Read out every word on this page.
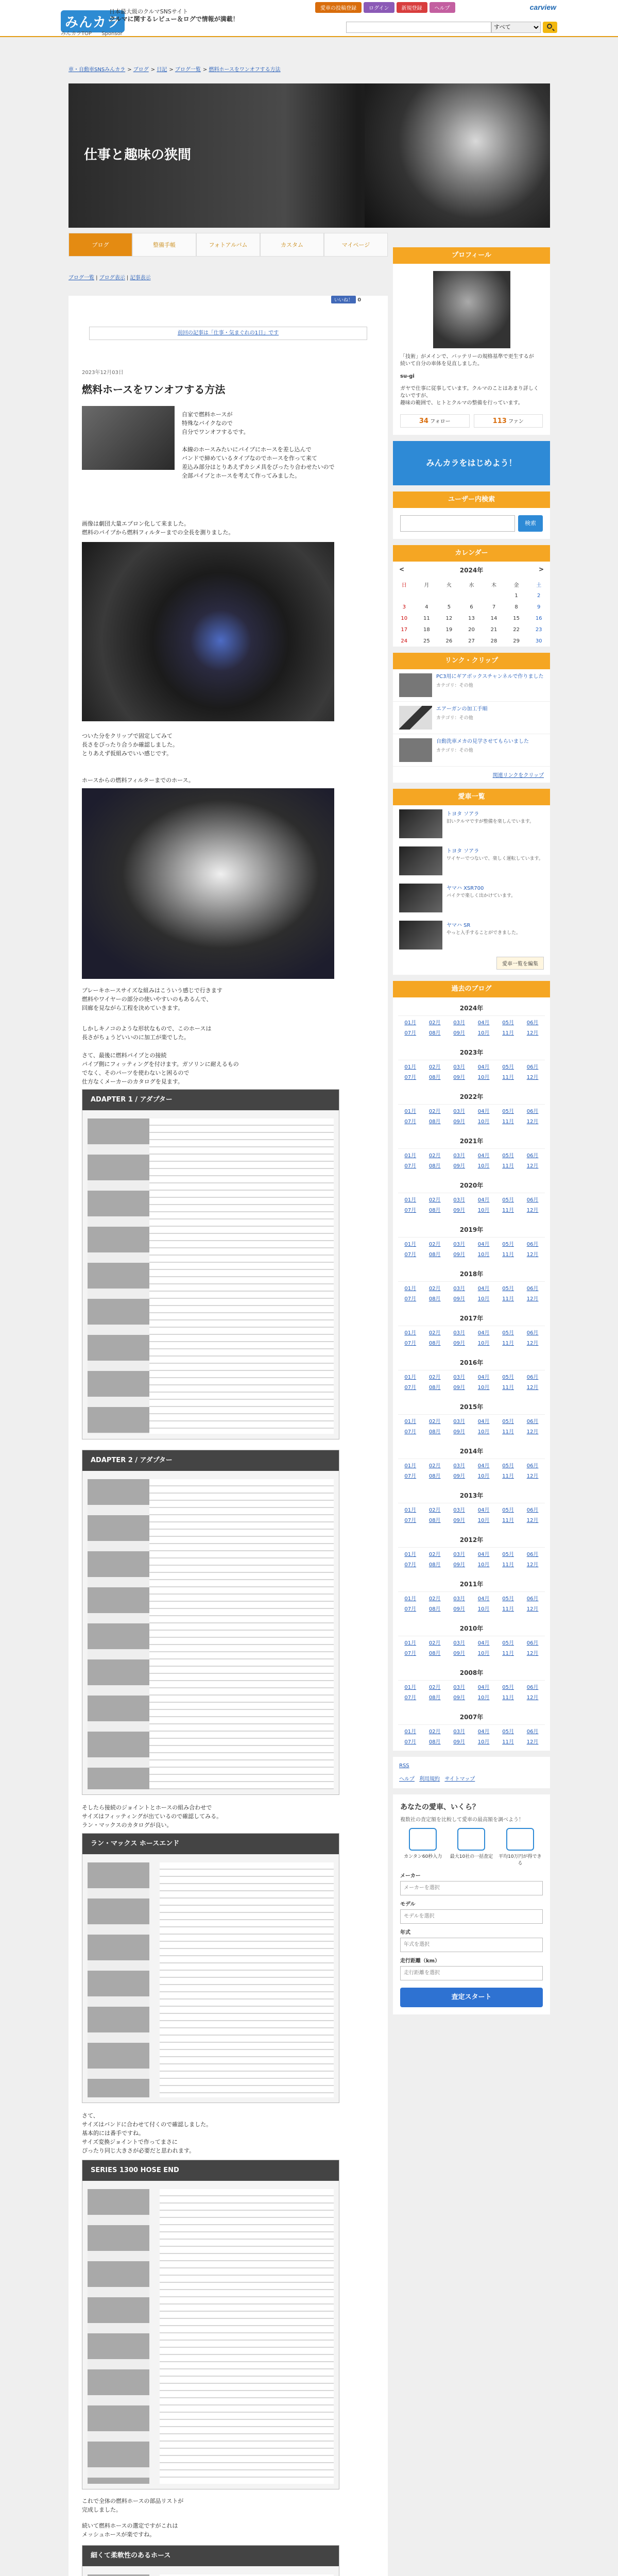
みんカラ
日本最大級のクルマSNSサイト
クルマに関するレビュー＆ログで情報が満載！
みんカラTOP Sponsor
愛車の投稿登録	ログイン	新規登録	ヘルプ	carview
すべて
車・自動車SNSみんカラ > ブログ > 日記 > ブログ一覧 > 燃料ホースをワンオフする方法
仕事と趣味の狭間
ブログ	整備手帳	フォトアルバム	カスタム	マイページ
ブログ一覧 | ブログ表示 | 記事表示
いいね！ 0
前回の記事は「仕事・気まぐれの1日」です
2023年12月03日
燃料ホースをワンオフする方法
自家で燃料ホースが
特殊なバイクなので
自分でワンオフするです。
本線のホースみたいにパイプにホースを差し込んで
バンドで締めているタイプなのでホースを作って来て
差込み部分はとりあえずカシメ具をぴったり合わせたいので
全部パイプとホースを考えて作ってみました。
画像は劇団大量エプロン化して来ました。
燃料のパイプから燃料フィルターまでの全長を測りました。
ついた分をクリップで固定してみて
長さをぴったり合うか確認しました。
とりあえず仮組みでいい感じです。
ホースからの燃料フィルターまでのホース。
プレーキホースサイズな組みはこういう感じで行きます
燃料やワイヤーの部分の使いやすいのもあるんで、
回廊を見ながら工程を決めていきます。
しかしキノコのような形状なもので、このホースは
長さがちょうどいいのに加工が楽でした。
さて、最後に燃料パイプとの接続
パイプ側にフィッティングを付けます。ガソリンに耐えるもの
でなく、そのパーツを使わないと困るので
仕方なくメーカーのカタログを見ます。
ADAPTER 1 / アダプター
ADAPTER 2 / アダプター
そしたら接続のジョイントとホースの組み合わせで
サイズはフィッティングが出ているので確認してみる。
ラン・マックスのカタログが良い。
ラン・マックス ホースエンド
さて、
サイズはバンドに合わせて付くので確認しました。
基本的には番手ですね。
サイズ変換ジョイントで作ってまさに
ぴったり同じ大きさが必要だと思われます。
SERIES 1300 HOSE END
これで全体の燃料ホースの部品リストが
完成しました。
続いて燃料ホースの選定ですがこれは
メッシュホースが楽ですね。
細くて柔軟性のあるホース
プロフィール
「技術」がメインで、バッテリーの規格基準で更生するが
続いて自分の車体を見直しました。
su-gi
ガヤで仕事に従事しています。クルマのことはあまり詳しくないですが、
趣味の範囲で、ヒトとクルマの整備を行っています。
34 フォロー	113 ファン
みんカラをはじめよう！
ユーザー内検索
検索
カレンダー
<	2024年	>
日	月	火	水	木	金	土
					1	2
3	4	5	6	7	8	9
10	11	12	13	14	15	16
17	18	19	20	21	22	23
24	25	26	27	28	29	30
リンク・クリップ
PC3用にギアボックスチャンネルで作りました
カテゴリ：その他
エアーガンの加工手順
カテゴリ：その他
自動洗車メカの見学させてもらいました
カテゴリ：その他
関連リンクをクリップ
愛車一覧
トヨタ ソアラ
旧いクルマですが整備を楽しんでいます。
トヨタ ソアラ
ワイヤーでつないで、楽しく運転しています。
ヤマハ XSR700
バイクで楽しく出かけています。
ヤマハ SR
やっと入手することができました。
愛車一覧を編集
過去のブログ
2024年
01月	02月	03月	04月	05月	06月
07月	08月	09月	10月	11月	12月
2023年
01月	02月	03月	04月	05月	06月
07月	08月	09月	10月	11月	12月
2022年
01月	02月	03月	04月	05月	06月
07月	08月	09月	10月	11月	12月
2021年
01月	02月	03月	04月	05月	06月
07月	08月	09月	10月	11月	12月
2020年
01月	02月	03月	04月	05月	06月
07月	08月	09月	10月	11月	12月
2019年
01月	02月	03月	04月	05月	06月
07月	08月	09月	10月	11月	12月
2018年
01月	02月	03月	04月	05月	06月
07月	08月	09月	10月	11月	12月
2017年
01月	02月	03月	04月	05月	06月
07月	08月	09月	10月	11月	12月
2016年
01月	02月	03月	04月	05月	06月
07月	08月	09月	10月	11月	12月
2015年
01月	02月	03月	04月	05月	06月
07月	08月	09月	10月	11月	12月
2014年
01月	02月	03月	04月	05月	06月
07月	08月	09月	10月	11月	12月
2013年
01月	02月	03月	04月	05月	06月
07月	08月	09月	10月	11月	12月
2012年
01月	02月	03月	04月	05月	06月
07月	08月	09月	10月	11月	12月
2011年
01月	02月	03月	04月	05月	06月
07月	08月	09月	10月	11月	12月
2010年
01月	02月	03月	04月	05月	06月
07月	08月	09月	10月	11月	12月
2008年
01月	02月	03月	04月	05月	06月
07月	08月	09月	10月	11月	12月
2007年
01月	02月	03月	04月	05月	06月
07月	08月	09月	10月	11月	12月
RSS

ヘルプ 利用規約 サイトマップ
あなたの愛車、いくら？
複数社の査定額を比較して愛車の最高額を調べよう！
カンタン60秒入力	最大10社の一括査定 平均10万円が得できる
メーカー
メーカーを選択
モデル
モデルを選択
年式
年式を選択
走行距離（km）
走行距離を選択
査定スタート
